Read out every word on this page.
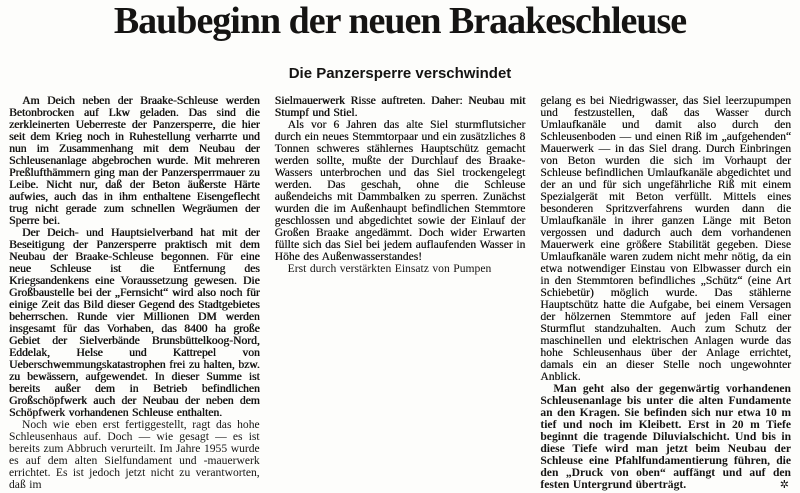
Baubeginn der neuen Braakeschleuse
Die Panzersperre verschwindet

Am Deich neben der Braake-Schleuse werden Betonbrocken auf Lkw geladen. Das sind die zerkleinerten Ueberreste der Panzersperre, die hier seit dem Krieg noch in Ruhestellung verharrte und nun im Zusammenhang mit dem Neubau der Schleusenanlage abgebrochen wurde. Mit mehreren Preßlufthämmern ging man der Panzersperrmauer zu Leibe. Nicht nur, daß der Beton äußerste Härte aufwies, auch das in ihm enthaltene Eisengeflecht trug nicht gerade zum schnellen Wegräumen der Sperre bei.

Der Deich- und Hauptsielverband hat mit der Beseitigung der Panzersperre praktisch mit dem Neubau der Braake-Schleuse begonnen. Für eine neue Schleuse ist die Entfernung des Kriegsandenkens eine Voraussetzung gewesen. Die Großbaustelle bei der „Fernsicht“ wird also noch für einige Zeit das Bild dieser Gegend des Stadtgebietes beherrschen. Runde vier Millionen DM werden insgesamt für das Vorhaben, das 8400 ha große Gebiet der Sielverbände Brunsbüttelkoog-Nord, Eddelak, Helse und Kattrepel von Ueberschwemmungskatastrophen frei zu halten, bzw. zu bewässern, aufgewendet. In dieser Summe ist bereits außer dem in Betrieb befindlichen Großschöpfwerk auch der Neubau der neben dem Schöpfwerk vorhandenen Schleuse enthalten.

Noch wie eben erst fertiggestellt, ragt das hohe Schleusenhaus auf. Doch — wie gesagt — es ist bereits zum Abbruch verurteilt. Im Jahre 1955 wurde es auf dem alten Sielfundament und -mauerwerk errichtet. Es ist jedoch jetzt nicht zu verantworten, daß im

Sielmauerwerk Risse auftreten. Daher: Neubau mit Stumpf und Stiel.

Als vor 6 Jahren das alte Siel sturmflutsicher durch ein neues Stemmtorpaar und ein zusätzliches 8 Tonnen schweres stählernes Hauptschütz gemacht werden sollte, mußte der Durchlauf des Braake-Wassers unterbrochen und das Siel trockengelegt werden. Das geschah, ohne die Schleuse außendeichs mit Dammbalken zu sperren. Zunächst wurden die im Außenhaupt befindlichen Stemmtore geschlossen und abgedichtet sowie der Einlauf der Großen Braake angedämmt. Doch wider Erwarten füllte sich das Siel bei jedem auflaufenden Wasser in Höhe des Außenwasserstandes!

Erst durch verstärkten Einsatz von Pumpen

gelang es bei Niedrigwasser, das Siel leerzupumpen und festzustellen, daß das Wasser durch Umlaufkanäle und damit also durch den Schleusenboden — und einen Riß im „aufgehenden“ Mauerwerk — in das Siel drang. Durch Einbringen von Beton wurden die sich im Vorhaupt der Schleuse befindlichen Umlaufkanäle abgedichtet und der an und für sich ungefährliche Riß mit einem Spezialgerät mit Beton verfüllt. Mittels eines besonderen Spritzverfahrens wurden dann die Umlaufkanäle in ihrer ganzen Länge mit Beton vergossen und dadurch auch dem vorhandenen Mauerwerk eine größere Stabilität gegeben. Diese Umlaufkanäle waren zudem nicht mehr nötig, da ein etwa notwendiger Einstau von Elbwasser durch ein in den Stemmtoren befindliches „Schütz“ (eine Art Schiebetür) möglich wurde. Das stählerne Hauptschütz hatte die Aufgabe, bei einem Versagen der hölzernen Stemmtore auf jeden Fall einer Sturmflut standzuhalten. Auch zum Schutz der maschinellen und elektrischen Anlagen wurde das hohe Schleusenhaus über der Anlage errichtet, damals ein an dieser Stelle noch ungewohnter Anblick.

Man geht also der gegenwärtig vorhandenen Schleusenanlage bis unter die alten Fundamente an den Kragen. Sie befinden sich nur etwa 10 m tief und noch im Kleibett. Erst in 20 m Tiefe beginnt die tragende Diluvialschicht. Und bis in diese Tiefe wird man jetzt beim Neubau der Schleuse eine Pfahlfundamentierung führen, die den „Druck von oben“ auffängt und auf den festen Untergrund überträgt.	✲
